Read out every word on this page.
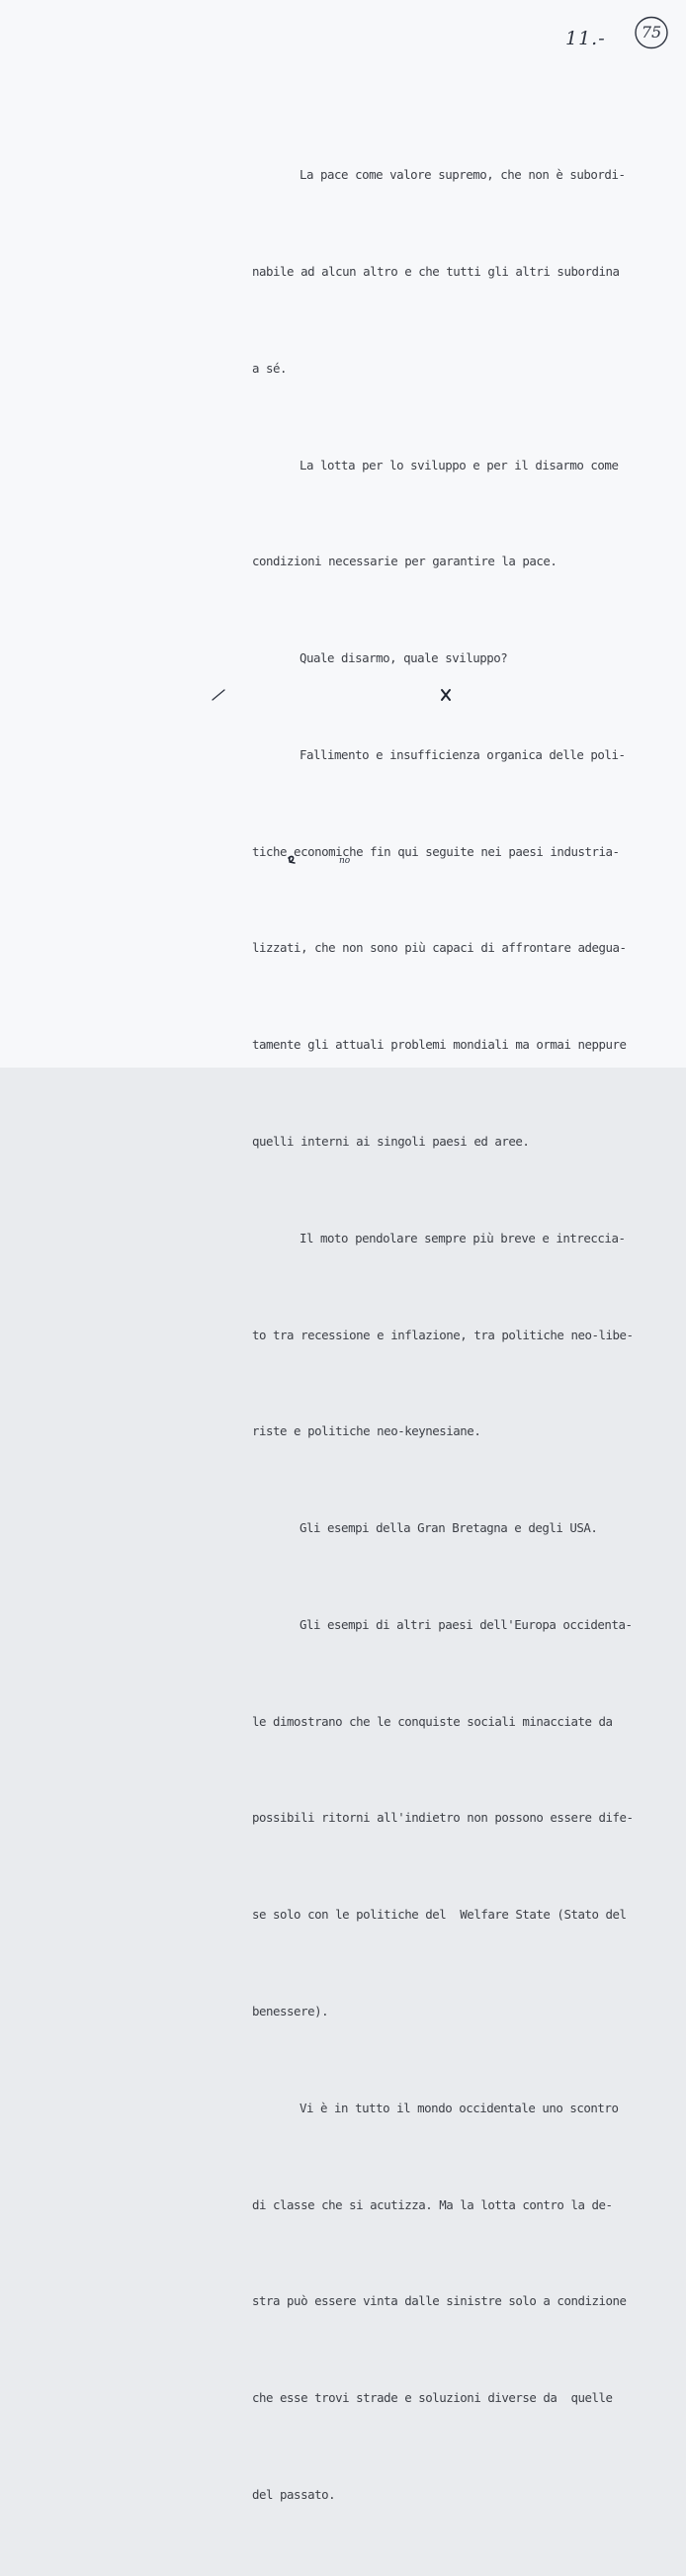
11.-	75

La pace come valore supremo, che non è subordi-

nabile ad alcun altro e che tutti gli altri subordina

a sé.

La lotta per lo sviluppo e per il disarmo come

condizioni necessarie per garantire la pace.

Quale disarmo, quale sviluppo?

Fallimento e insufficienza organica delle poli-

tiche economiche fin qui seguite nei paesi industria-

lizzati, che non sono più capaci di affrontare adegua-

tamente gli attuali problemi mondiali ma ormai neppure

quelli interni ai singoli paesi ed aree.

Il moto pendolare sempre più breve e intreccia-

to tra recessione e inflazione, tra politiche neo-libe-

riste e politiche neo-keynesiane.

Gli esempi della Gran Bretagna e degli USA.

Gli esempi di altri paesi dell'Europa occidenta-

le dimostrano che le conquiste sociali minacciate da

possibili ritorni all'indietro non possono essere dife-

se solo con le politiche del  Welfare State (Stato del

benessere).

Vi è in tutto il mondo occidentale uno scontro

di classe che si acutizza. Ma la lotta contro la de-

stra può essere vinta dalle sinistre solo a condizione

che esse trovi strade e soluzioni diverse da  quelle

del passato.

no
